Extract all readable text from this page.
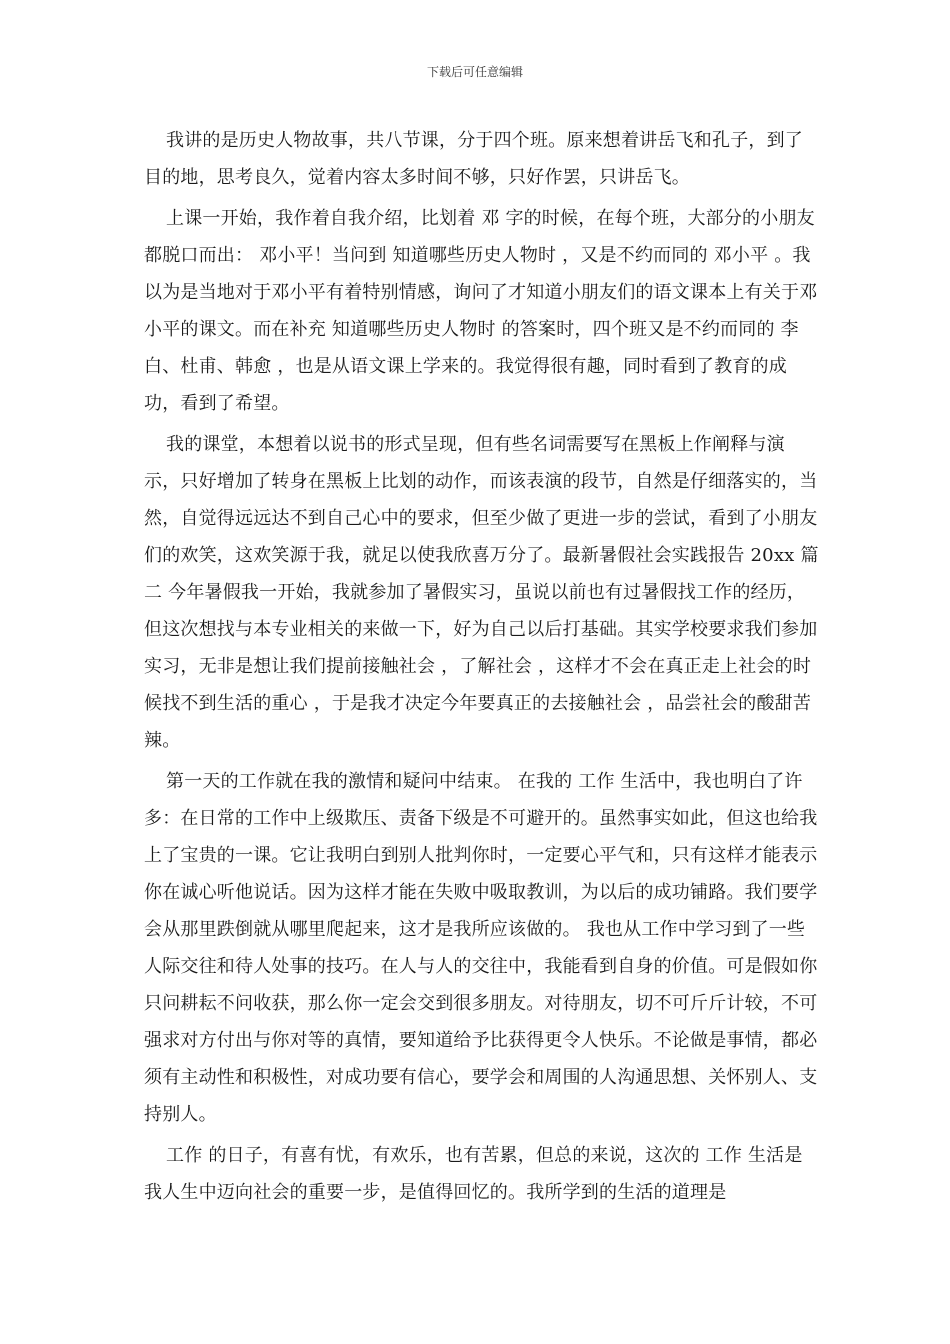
下载后可任意编辑

我讲的是历史人物故事，共八节课，分于四个班。原来想着讲岳飞和孔子，到了目的地，思考良久，觉着内容太多时间不够，只好作罢，只讲岳飞。

上课一开始，我作着自我介绍，比划着 邓 字的时候，在每个班，大部分的小朋友都脱口而出： 邓小平！当问到 知道哪些历史人物时 ，又是不约而同的 邓小平 。我以为是当地对于邓小平有着特别情感，询问了才知道小朋友们的语文课本上有关于邓小平的课文。而在补充 知道哪些历史人物时 的答案时，四个班又是不约而同的 李白、杜甫、韩愈 ，也是从语文课上学来的。我觉得很有趣，同时看到了教育的成功，看到了希望。

我的课堂，本想着以说书的形式呈现，但有些名词需要写在黑板上作阐释与演示，只好增加了转身在黑板上比划的动作，而该表演的段节，自然是仔细落实的，当然，自觉得远远达不到自己心中的要求，但至少做了更进一步的尝试，看到了小朋友们的欢笑，这欢笑源于我，就足以使我欣喜万分了。最新暑假社会实践报告 20xx 篇二 今年暑假我一开始，我就参加了暑假实习，虽说以前也有过暑假找工作的经历，但这次想找与本专业相关的来做一下，好为自己以后打基础。其实学校要求我们参加实习，无非是想让我们提前接触社会 ，了解社会 ，这样才不会在真正走上社会的时候找不到生活的重心 ，于是我才决定今年要真正的去接触社会 ，品尝社会的酸甜苦辣。

第一天的工作就在我的激情和疑问中结束。 在我的 工作 生活中，我也明白了许多：在日常的工作中上级欺压、责备下级是不可避开的。虽然事实如此，但这也给我上了宝贵的一课。它让我明白到别人批判你时，一定要心平气和，只有这样才能表示你在诚心听他说话。因为这样才能在失败中吸取教训，为以后的成功铺路。我们要学会从那里跌倒就从哪里爬起来，这才是我所应该做的。 我也从工作中学习到了一些人际交往和待人处事的技巧。在人与人的交往中，我能看到自身的价值。可是假如你只问耕耘不问收获，那么你一定会交到很多朋友。对待朋友，切不可斤斤计较，不可强求对方付出与你对等的真情，要知道给予比获得更令人快乐。不论做是事情，都必须有主动性和积极性，对成功要有信心，要学会和周围的人沟通思想、关怀别人、支持别人。

工作 的日子，有喜有忧，有欢乐，也有苦累，但总的来说，这次的 工作 生活是我人生中迈向社会的重要一步，是值得回忆的。我所学到的生活的道理是
